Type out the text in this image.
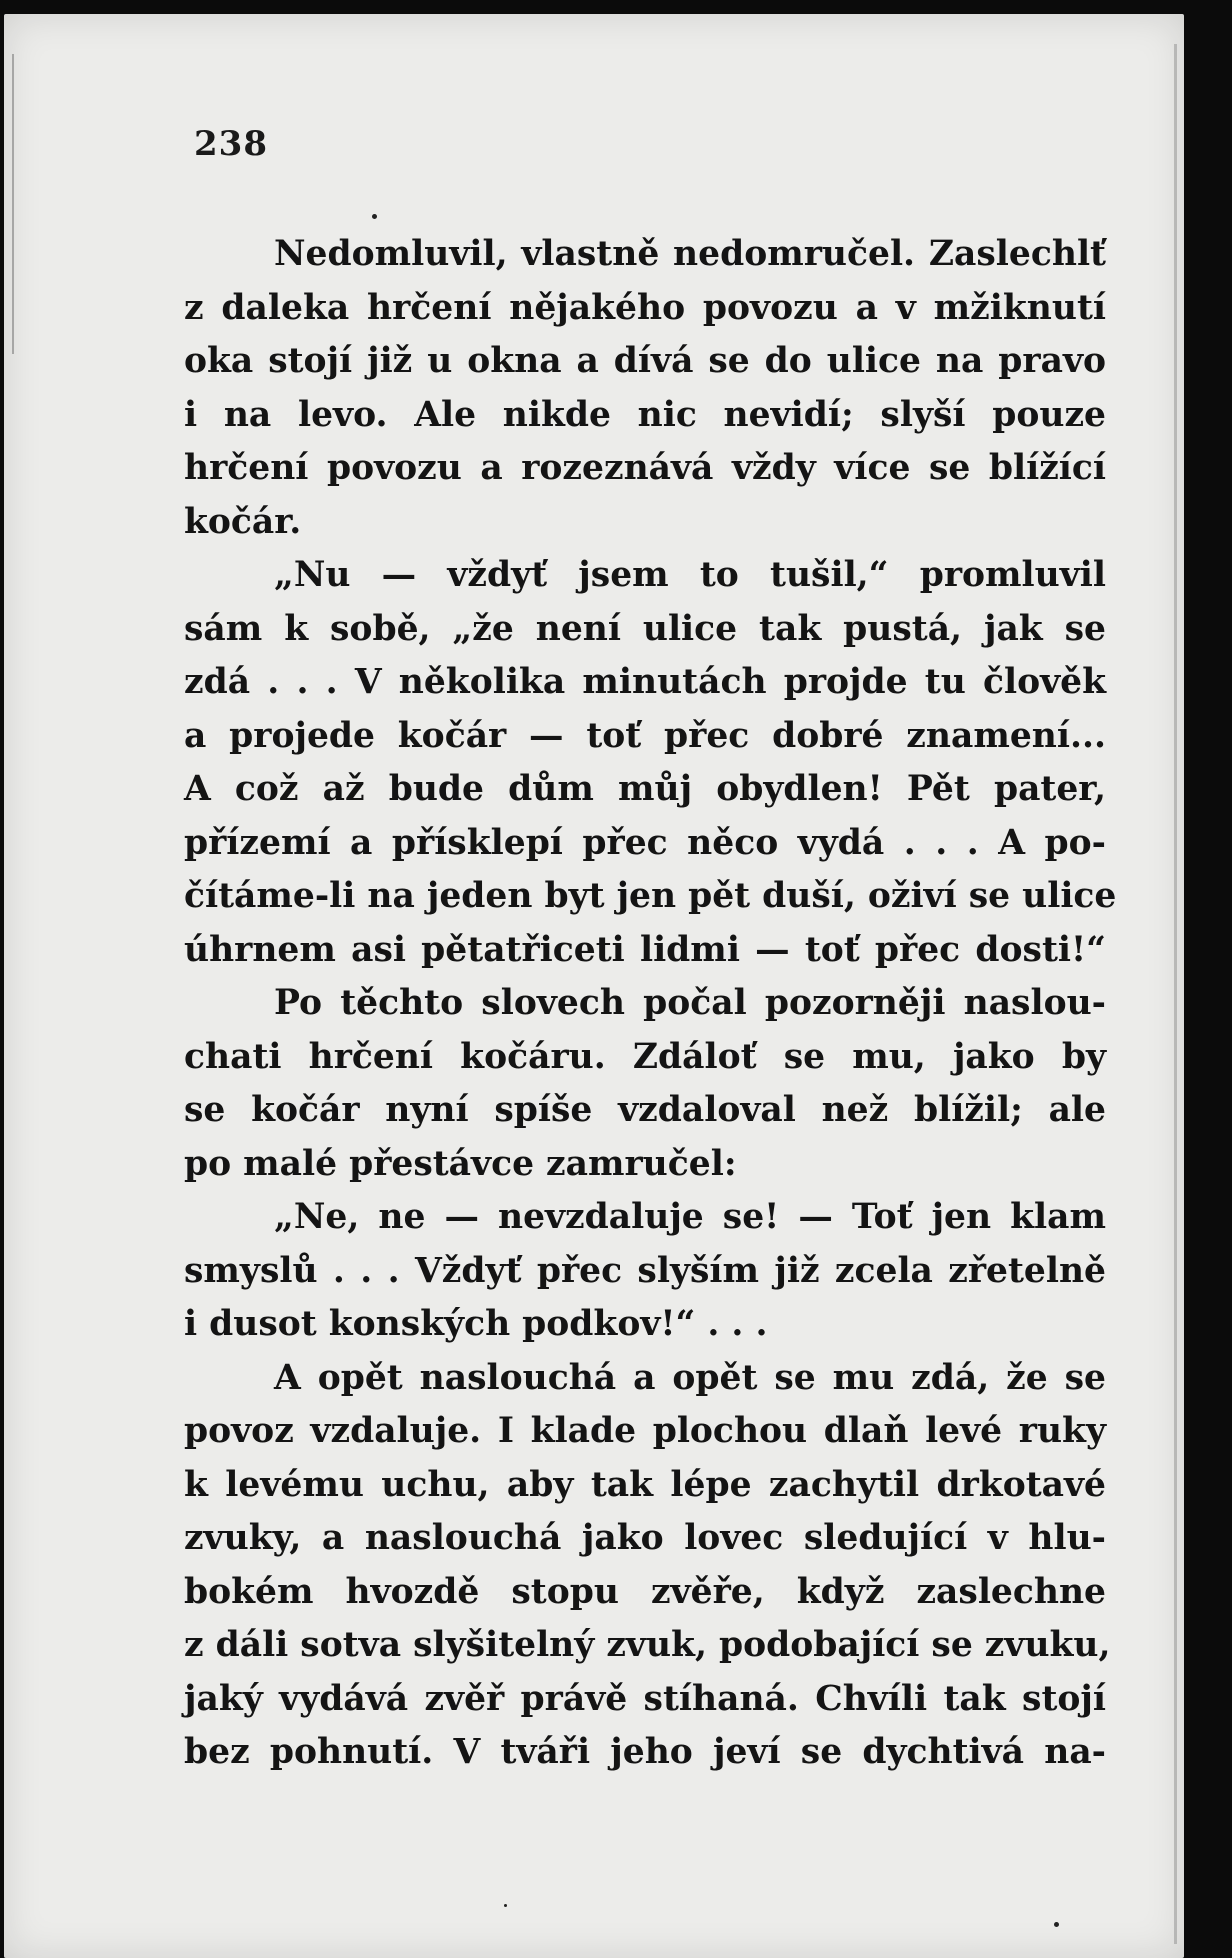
238
Nedomluvil, vlastně nedomručel. Zaslechlť
z daleka hrčení nějakého povozu a v mžiknutí
oka stojí již u okna a dívá se do ulice na pravo
i na levo. Ale nikde nic nevidí; slyší pouze
hrčení povozu a rozeznává vždy více se blížící
kočár.
„Nu — vždyť jsem to tušil,“ promluvil
sám k sobě, „že není ulice tak pustá, jak se
zdá . . . V několika minutách projde tu člověk
a projede kočár — toť přec dobré znamení...
A což až bude dům můj obydlen! Pět pater,
přízemí a přísklepí přec něco vydá . . . A po-
čítáme-li na jeden byt jen pět duší, oživí se ulice
úhrnem asi pětatřiceti lidmi — toť přec dosti!“
Po těchto slovech počal pozorněji naslou-
chati hrčení kočáru. Zdáloť se mu, jako by
se kočár nyní spíše vzdaloval než blížil; ale
po malé přestávce zamručel:
„Ne, ne — nevzdaluje se! — Toť jen klam
smyslů . . . Vždyť přec slyším již zcela zřetelně
i dusot konských podkov!“ . . .
A opět naslouchá a opět se mu zdá, že se
povoz vzdaluje. I klade plochou dlaň levé ruky
k levému uchu, aby tak lépe zachytil drkotavé
zvuky, a naslouchá jako lovec sledující v hlu-
bokém hvozdě stopu zvěře, když zaslechne
z dáli sotva slyšitelný zvuk, podobající se zvuku,
jaký vydává zvěř právě stíhaná. Chvíli tak stojí
bez pohnutí. V tváři jeho jeví se dychtivá na-
